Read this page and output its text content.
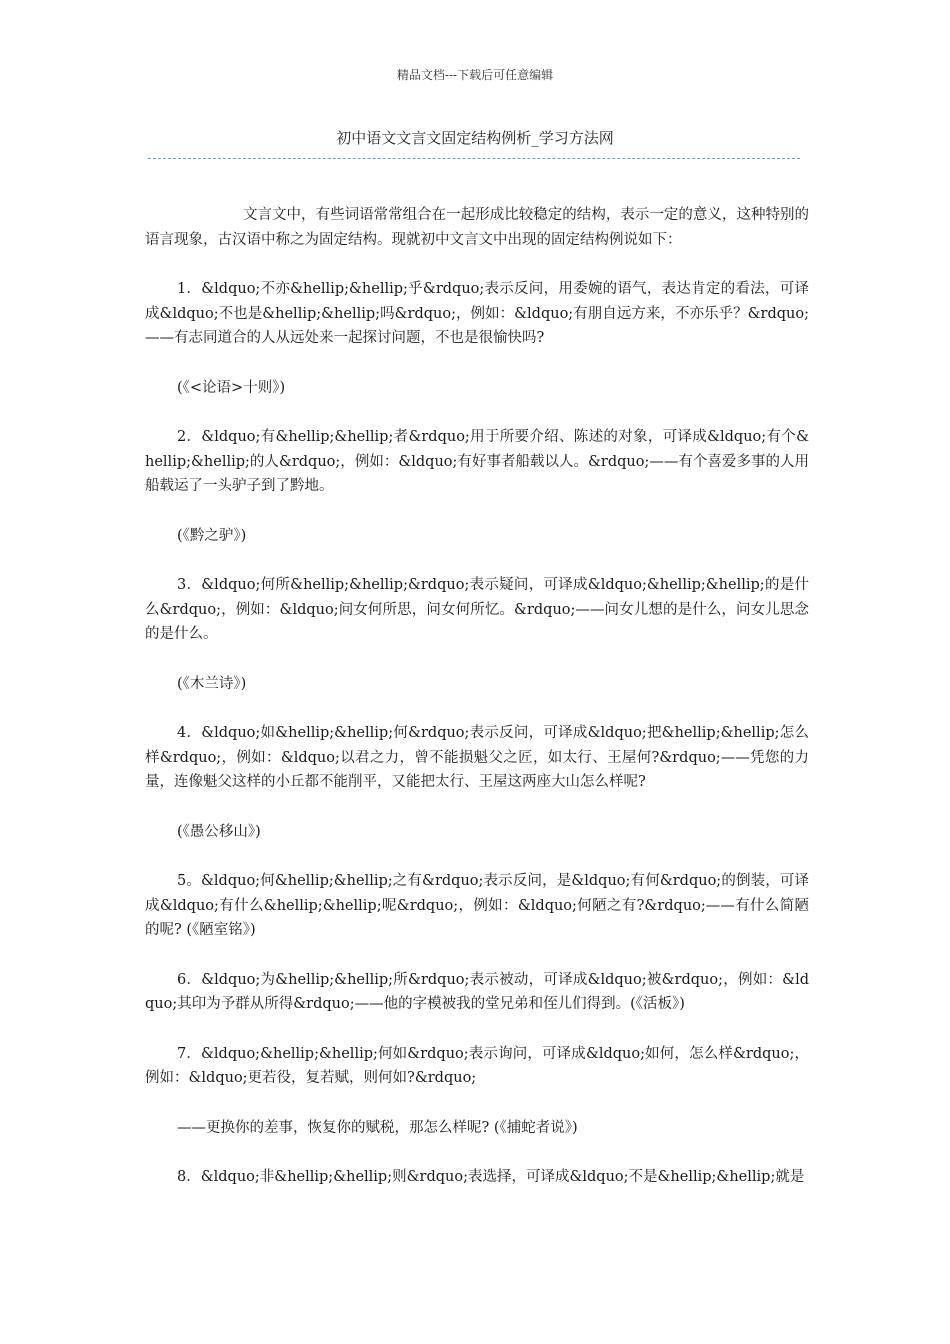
精品文档---下载后可任意编辑
初中语文文言文固定结构例析_学习方法网

文言文中，有些词语常常组合在一起形成比较稳定的结构，表示一定的意义，这种特别的语言现象，古汉语中称之为固定结构。现就初中文言文中出现的固定结构例说如下：

1．&ldquo;不亦&hellip;&hellip;乎&rdquo;表示反问，用委婉的语气，表达肯定的看法，可译成&ldquo;不也是&hellip;&hellip;吗&rdquo;，例如：&ldquo;有朋自远方来，不亦乐乎？&rdquo;——有志同道合的人从远处来一起探讨问题，不也是很愉快吗?

(《<论语>十则》)

2．&ldquo;有&hellip;&hellip;者&rdquo;用于所要介绍、陈述的对象，可译成&ldquo;有个&hellip;&hellip;的人&rdquo;，例如：&ldquo;有好事者船载以人。&rdquo;——有个喜爱多事的人用船载运了一头驴子到了黔地。

(《黔之驴》)

3．&ldquo;何所&hellip;&hellip;&rdquo;表示疑问，可译成&ldquo;&hellip;&hellip;的是什么&rdquo;，例如：&ldquo;问女何所思，问女何所忆。&rdquo;——问女儿想的是什么，问女儿思念的是什么。

(《木兰诗》)

4．&ldquo;如&hellip;&hellip;何&rdquo;表示反问，可译成&ldquo;把&hellip;&hellip;怎么样&rdquo;，例如：&ldquo;以君之力，曾不能损魁父之匠，如太行、王屋何?&rdquo;——凭您的力量，连像魁父这样的小丘都不能削平，又能把太行、王屋这两座大山怎么样呢?

(《愚公移山》)

5。&ldquo;何&hellip;&hellip;之有&rdquo;表示反问，是&ldquo;有何&rdquo;的倒装，可译成&ldquo;有什么&hellip;&hellip;呢&rdquo;，例如：&ldquo;何陋之有?&rdquo;——有什么简陋的呢? (《陋室铭》)

6．&ldquo;为&hellip;&hellip;所&rdquo;表示被动，可译成&ldquo;被&rdquo;，例如：&ldquo;其印为予群从所得&rdquo;——他的字模被我的堂兄弟和侄儿们得到。(《活板》)

7．&ldquo;&hellip;&hellip;何如&rdquo;表示询问，可译成&ldquo;如何，怎么样&rdquo;，例如：&ldquo;更若役，复若赋，则何如?&rdquo;

——更换你的差事，恢复你的赋税，那怎么样呢? (《捕蛇者说》)

8．&ldquo;非&hellip;&hellip;则&rdquo;表选择，可译成&ldquo;不是&hellip;&hellip;就是
